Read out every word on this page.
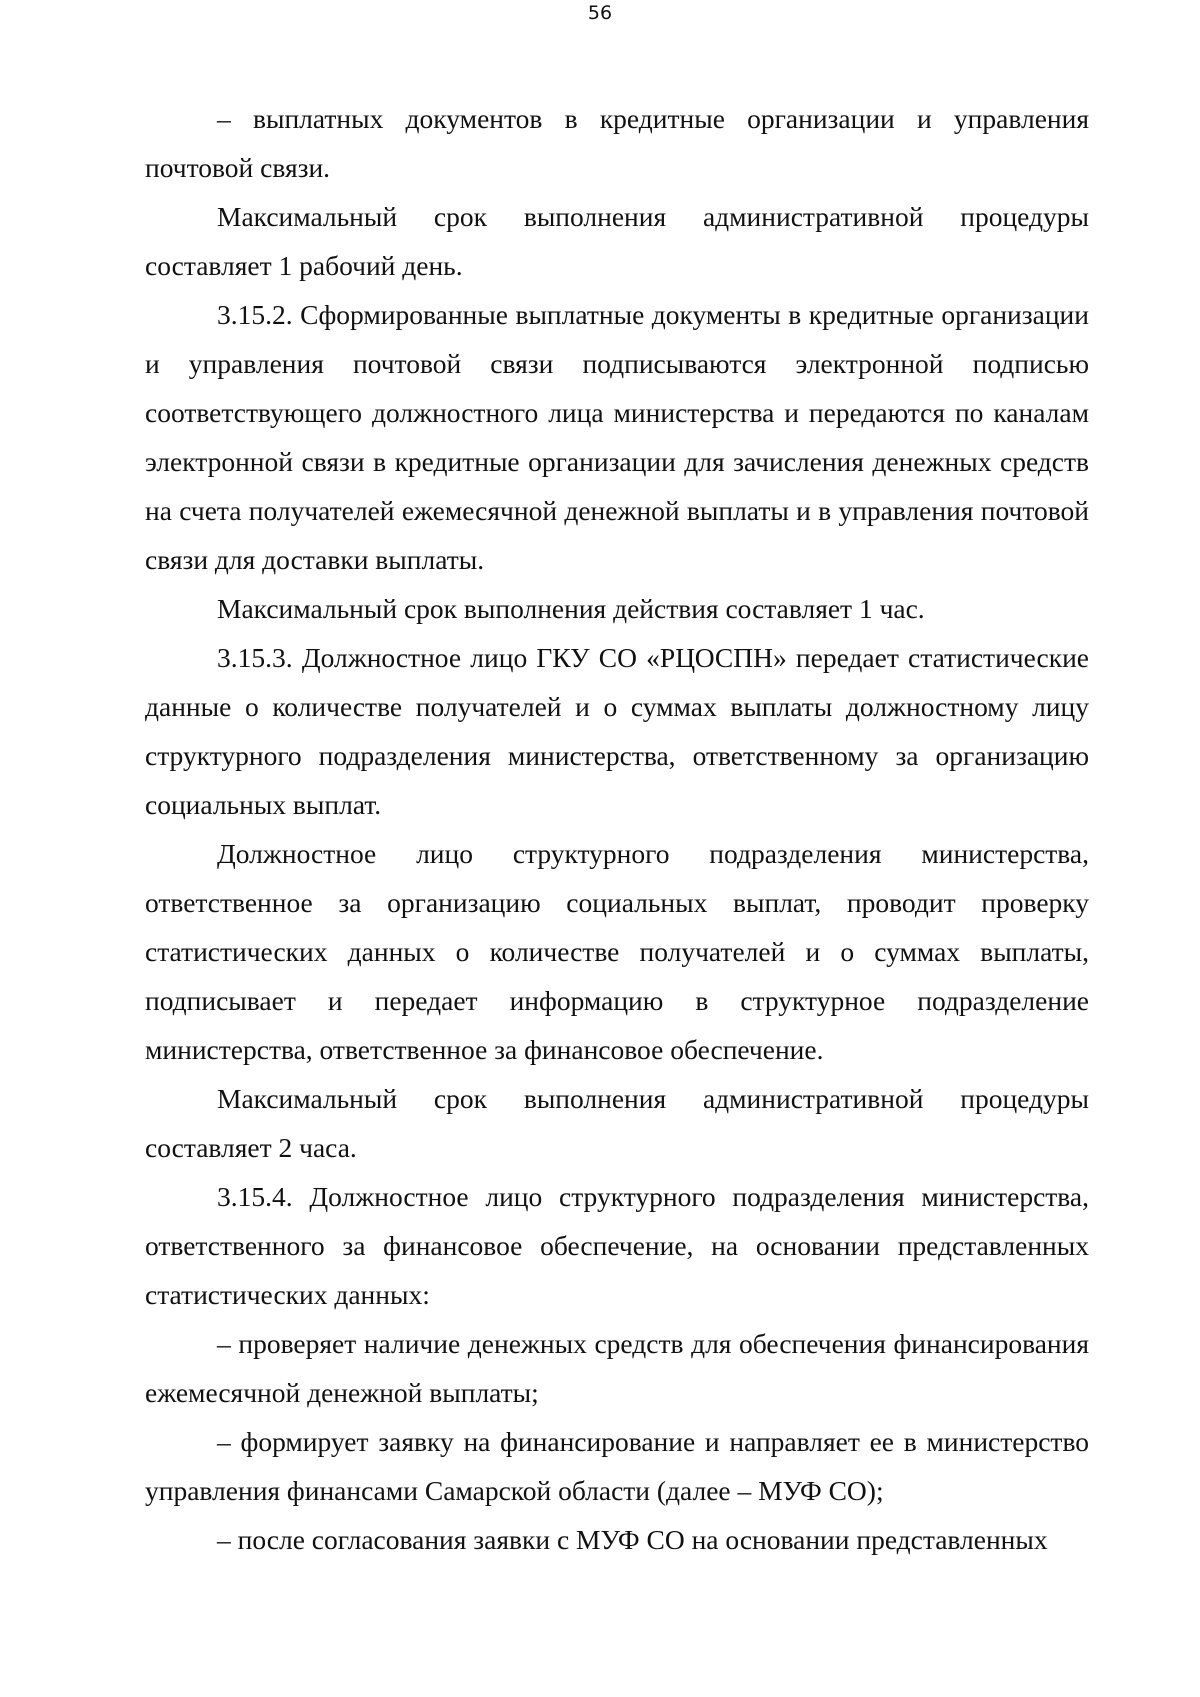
56

– выплатных документов в кредитные организации и управления почтовой связи.

Максимальный срок выполнения административной процедуры составляет 1 рабочий день.

3.15.2. Сформированные выплатные документы в кредитные организации и управления почтовой связи подписываются электронной подписью соответствующего должностного лица министерства и передаются по каналам электронной связи в кредитные организации для зачисления денежных средств на счета получателей ежемесячной денежной выплаты и в управления почтовой связи для доставки выплаты.

Максимальный срок выполнения действия составляет 1 час.

3.15.3. Должностное лицо ГКУ СО «РЦОСПН» передает статистические данные о количестве получателей и о суммах выплаты должностному лицу структурного подразделения министерства, ответственному за организацию социальных выплат.

Должностное лицо структурного подразделения министерства, ответственное за организацию социальных выплат, проводит проверку статистических данных о количестве получателей и о суммах выплаты, подписывает и передает информацию в структурное подразделение министерства, ответственное за финансовое обеспечение.

Максимальный срок выполнения административной процедуры составляет 2 часа.

3.15.4. Должностное лицо структурного подразделения министерства, ответственного за финансовое обеспечение, на основании представленных статистических данных:

– проверяет наличие денежных средств для обеспечения финансирования ежемесячной денежной выплаты;

– формирует заявку на финансирование и направляет ее в министерство управления финансами Самарской области (далее – МУФ СО);

– после согласования заявки с МУФ СО на основании представленных
